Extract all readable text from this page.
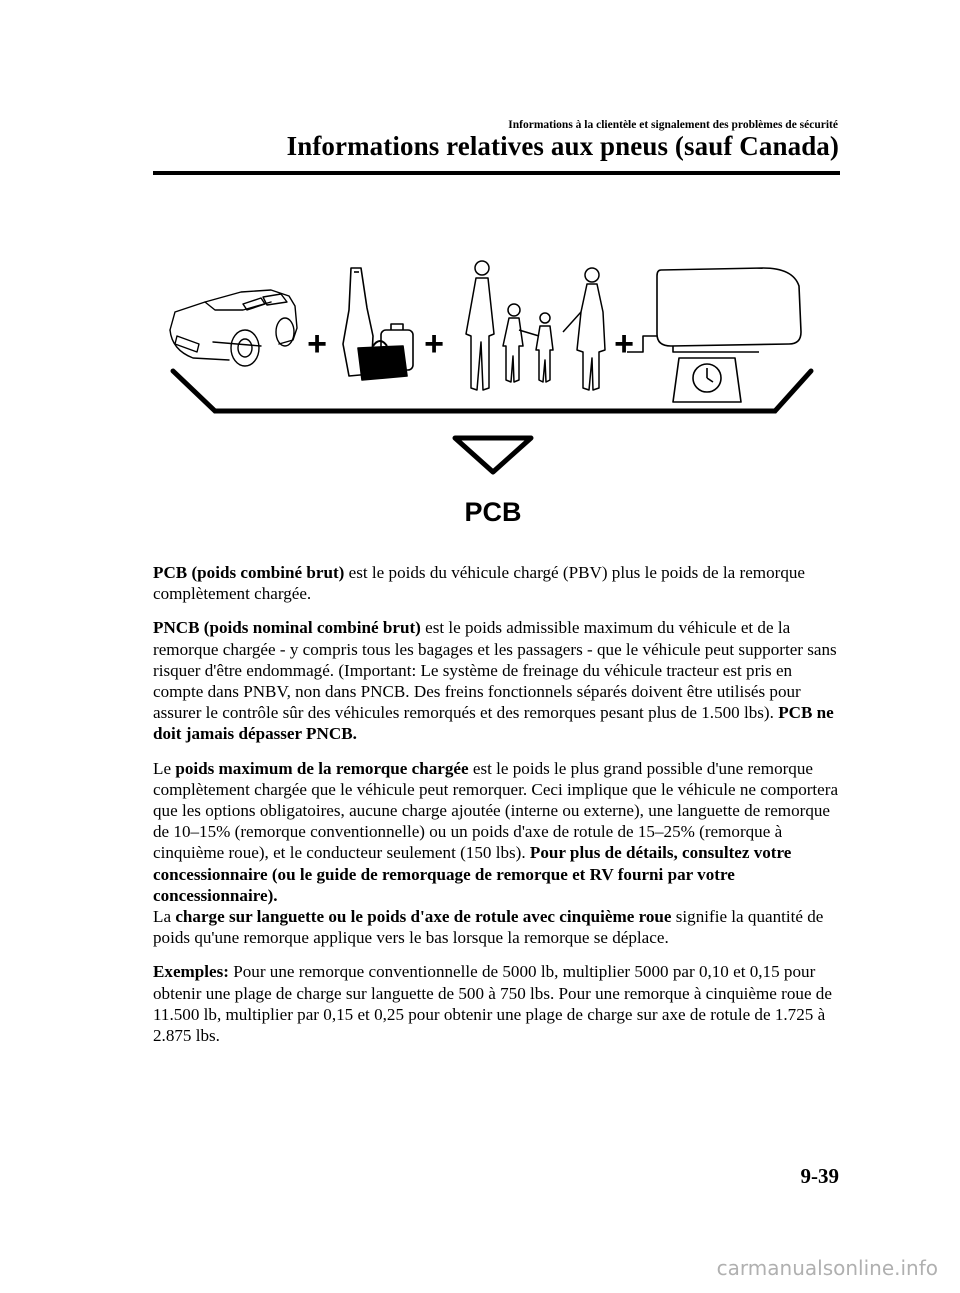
Informations à la clientèle et signalement des problèmes de sécurité
Informations relatives aux pneus (sauf Canada)
+	+	+
PCB

PCB (poids combiné brut) est le poids du véhicule chargé (PBV) plus le poids de la remorque complètement chargée.

PNCB (poids nominal combiné brut) est le poids admissible maximum du véhicule et de la remorque chargée - y compris tous les bagages et les passagers - que le véhicule peut supporter sans risquer d'être endommagé. (Important: Le système de freinage du véhicule tracteur est pris en compte dans PNBV, non dans PNCB. Des freins fonctionnels séparés doivent être utilisés pour assurer le contrôle sûr des véhicules remorqués et des remorques pesant plus de 1.500 lbs). PCB ne doit jamais dépasser PNCB.

Le poids maximum de la remorque chargée est le poids le plus grand possible d'une remorque complètement chargée que le véhicule peut remorquer. Ceci implique que le véhicule ne comportera que les options obligatoires, aucune charge ajoutée (interne ou externe), une languette de remorque de 10–15% (remorque conventionnelle) ou un poids d'axe de rotule de 15–25% (remorque à cinquième roue), et le conducteur seulement (150 lbs). Pour plus de détails, consultez votre concessionnaire (ou le guide de remorquage de remorque et RV fourni par votre concessionnaire).

La charge sur languette ou le poids d'axe de rotule avec cinquième roue signifie la quantité de poids qu'une remorque applique vers le bas lorsque la remorque se déplace.

Exemples: Pour une remorque conventionnelle de 5000 lb, multiplier 5000 par 0,10 et 0,15 pour obtenir une plage de charge sur languette de 500 à 750 lbs. Pour une remorque à cinquième roue de 11.500 lb, multiplier par 0,15 et 0,25 pour obtenir une plage de charge sur axe de rotule de 1.725 à 2.875 lbs.

9-39
carmanualsonline.info
